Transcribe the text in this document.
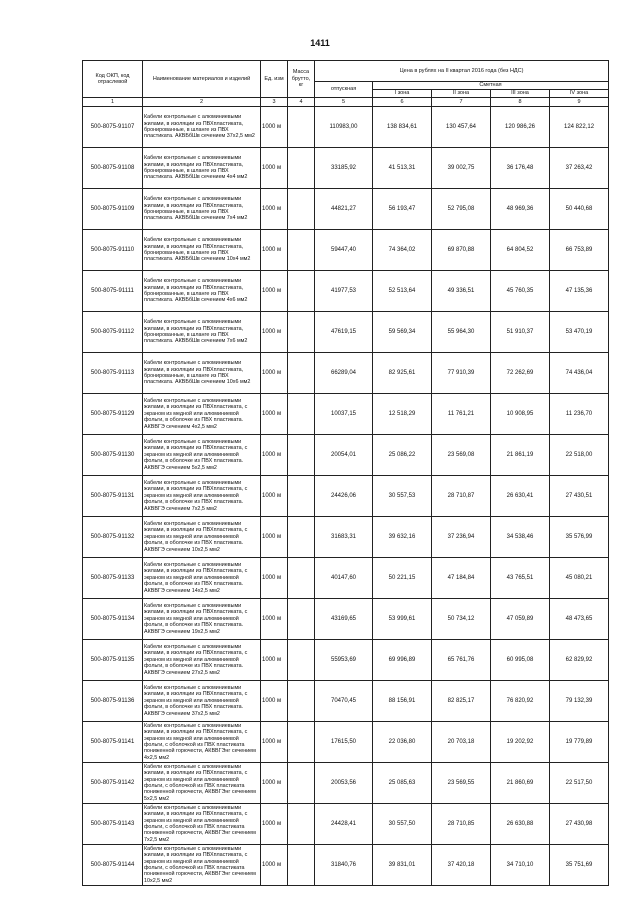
1411
Код ОКП, код отраслевой	Наименование материалов и изделий	Ед. изм	Масса брутто, кг	Цена в рублях на II квартал 2016 года (без НДС)				
				отпускная	Сметная			
					I зона	II зона	III зона	IV зона
1	2	3	4	5	6	7	8	9
500-8075-91107	Кабели контрольные с алюминиевыми жилами, в изоляции из ПВХпластиката, бронированные, в шланге из ПВХ пластиката. АКВБбШв сечением 37х2,5 мм2	1000 м		110983,00	138 834,61	130 457,64	120 986,26	124 822,12
500-8075-91108	Кабели контрольные с алюминиевыми жилами, в изоляции из ПВХпластиката, бронированные, в шланге из ПВХ пластиката. АКВБбШв сечением 4х4 мм2	1000 м		33185,92	41 513,31	39 002,75	36 176,48	37 263,42
500-8075-91109	Кабели контрольные с алюминиевыми жилами, в изоляции из ПВХпластиката, бронированные, в шланге из ПВХ пластиката. АКВБбШв сечением 7х4 мм2	1000 м		44821,27	56 193,47	52 795,08	48 969,36	50 440,68
500-8075-91110	Кабели контрольные с алюминиевыми жилами, в изоляции из ПВХпластиката, бронированные, в шланге из ПВХ пластиката. АКВБбШв сечением 10х4 мм2	1000 м		59447,40	74 364,02	69 870,88	64 804,52	66 753,89
500-8075-91111	Кабели контрольные с алюминиевыми жилами, в изоляции из ПВХпластиката, бронированные, в шланге из ПВХ пластиката. АКВБбШв сечением 4х6 мм2	1000 м		41977,53	52 513,64	49 336,51	45 760,35	47 135,36
500-8075-91112	Кабели контрольные с алюминиевыми жилами, в изоляции из ПВХпластиката, бронированные, в шланге из ПВХ пластиката. АКВБбШв сечением 7х6 мм2	1000 м		47619,15	59 569,34	55 964,30	51 910,37	53 470,19
500-8075-91113	Кабели контрольные с алюминиевыми жилами, в изоляции из ПВХпластиката, бронированные, в шланге из ПВХ пластиката. АКВБбШв сечением 10х6 мм2	1000 м		66289,04	82 925,61	77 910,39	72 262,69	74 436,04
500-8075-91129	Кабели контрольные с алюминиевыми жилами, в изоляции из ПВХпластиката, с экраном из медной или алюминиевой фольги, в оболочке из ПВХ пластиката. АКВВГЭ сечением 4х2,5 мм2	1000 м		10037,15	12 518,29	11 761,21	10 908,95	11 236,70
500-8075-91130	Кабели контрольные с алюминиевыми жилами, в изоляции из ПВХпластиката, с экраном из медной или алюминиевой фольги, в оболочке из ПВХ пластиката. АКВВГЭ сечением 5х2,5 мм2	1000 м		20054,01	25 086,22	23 569,08	21 861,19	22 518,00
500-8075-91131	Кабели контрольные с алюминиевыми жилами, в изоляции из ПВХпластиката, с экраном из медной или алюминиевой фольги, в оболочке из ПВХ пластиката. АКВВГЭ сечением 7х2,5 мм2	1000 м		24426,06	30 557,53	28 710,87	26 630,41	27 430,51
500-8075-91132	Кабели контрольные с алюминиевыми жилами, в изоляции из ПВХпластиката, с экраном из медной или алюминиевой фольги, в оболочке из ПВХ пластиката. АКВВГЭ сечением 10х2,5 мм2	1000 м		31683,31	39 632,16	37 236,94	34 538,46	35 576,99
500-8075-91133	Кабели контрольные с алюминиевыми жилами, в изоляции из ПВХпластиката, с экраном из медной или алюминиевой фольги, в оболочке из ПВХ пластиката. АКВВГЭ сечением 14х2,5 мм2	1000 м		40147,60	50 221,15	47 184,84	43 765,51	45 080,21
500-8075-91134	Кабели контрольные с алюминиевыми жилами, в изоляции из ПВХпластиката, с экраном из медной или алюминиевой фольги, в оболочке из ПВХ пластиката. АКВВГЭ сечением 19х2,5 мм2	1000 м		43169,65	53 999,61	50 734,12	47 059,89	48 473,65
500-8075-91135	Кабели контрольные с алюминиевыми жилами, в изоляции из ПВХпластиката, с экраном из медной или алюминиевой фольги, в оболочке из ПВХ пластиката. АКВВГЭ сечением 27х2,5 мм2	1000 м		55953,69	69 996,89	65 761,76	60 995,08	62 829,92
500-8075-91136	Кабели контрольные с алюминиевыми жилами, в изоляции из ПВХпластиката, с экраном из медной или алюминиевой фольги, в оболочке из ПВХ пластиката. АКВВГЭ сечением 37х2,5 мм2	1000 м		70470,45	88 156,91	82 825,17	76 820,92	79 132,39
500-8075-91141	Кабели контрольные с алюминиевыми жилами, в изоляции из ПВХпластиката, с экраном из медной или алюминиевой фольги, с оболочкой из ПВХ пластиката пониженной горючести, АКВВГЭнг сечением 4х2,5 мм2	1000 м		17615,50	22 036,80	20 703,18	19 202,92	19 779,89
500-8075-91142	Кабели контрольные с алюминиевыми жилами, в изоляции из ПВХпластиката, с экраном из медной или алюминиевой фольги, с оболочкой из ПВХ пластиката пониженной горючести, АКВВГЭнг сечением 5х2,5 мм2	1000 м		20053,56	25 085,63	23 569,55	21 860,69	22 517,50
500-8075-91143	Кабели контрольные с алюминиевыми жилами, в изоляции из ПВХпластиката, с экраном из медной или алюминиевой фольги, с оболочкой из ПВХ пластиката пониженной горючести, АКВВГЭнг сечением 7х2,5 мм2	1000 м		24428,41	30 557,50	28 710,85	26 630,88	27 430,98
500-8075-91144	Кабели контрольные с алюминиевыми жилами, в изоляции из ПВХпластиката, с экраном из медной или алюминиевой фольги, с оболочкой из ПВХ пластиката пониженной горючести, АКВВГЭнг сечением 10х2,5 мм2	1000 м		31840,76	39 831,01	37 420,18	34 710,10	35 751,69
